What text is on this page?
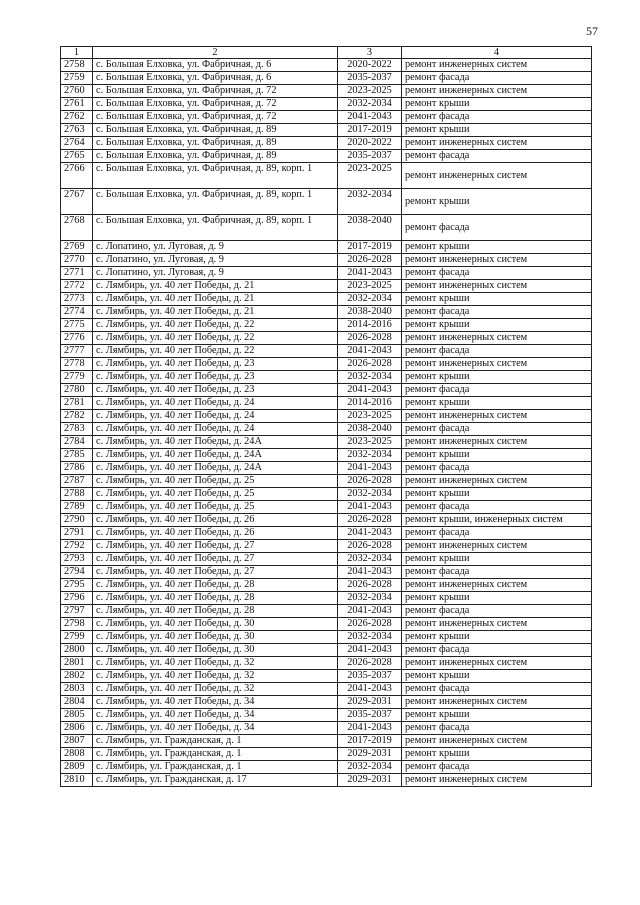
57
1	2	3	4
2758	с. Большая Елховка, ул. Фабричная, д. 6	2020-2022	ремонт инженерных систем
2759	с. Большая Елховка, ул. Фабричная, д. 6	2035-2037	ремонт фасада
2760	с. Большая Елховка, ул. Фабричная, д. 72	2023-2025	ремонт инженерных систем
2761	с. Большая Елховка, ул. Фабричная, д. 72	2032-2034	ремонт крыши
2762	с. Большая Елховка, ул. Фабричная, д. 72	2041-2043	ремонт фасада
2763	с. Большая Елховка, ул. Фабричная, д. 89	2017-2019	ремонт крыши
2764	с. Большая Елховка, ул. Фабричная, д. 89	2020-2022	ремонт инженерных систем
2765	с. Большая Елховка, ул. Фабричная, д. 89	2035-2037	ремонт фасада
2766	с. Большая Елховка, ул. Фабричная, д. 89, корп. 1	2023-2025	ремонт инженерных систем
2767	с. Большая Елховка, ул. Фабричная, д. 89, корп. 1	2032-2034	ремонт крыши
2768	с. Большая Елховка, ул. Фабричная, д. 89, корп. 1	2038-2040	ремонт фасада
2769	с. Лопатино, ул. Луговая, д. 9	2017-2019	ремонт крыши
2770	с. Лопатино, ул. Луговая, д. 9	2026-2028	ремонт инженерных систем
2771	с. Лопатино, ул. Луговая, д. 9	2041-2043	ремонт фасада
2772	с. Лямбирь, ул. 40 лет Победы, д. 21	2023-2025	ремонт инженерных систем
2773	с. Лямбирь, ул. 40 лет Победы, д. 21	2032-2034	ремонт крыши
2774	с. Лямбирь, ул. 40 лет Победы, д. 21	2038-2040	ремонт фасада
2775	с. Лямбирь, ул. 40 лет Победы, д. 22	2014-2016	ремонт крыши
2776	с. Лямбирь, ул. 40 лет Победы, д. 22	2026-2028	ремонт инженерных систем
2777	с. Лямбирь, ул. 40 лет Победы, д. 22	2041-2043	ремонт фасада
2778	с. Лямбирь, ул. 40 лет Победы, д. 23	2026-2028	ремонт инженерных систем
2779	с. Лямбирь, ул. 40 лет Победы, д. 23	2032-2034	ремонт крыши
2780	с. Лямбирь, ул. 40 лет Победы, д. 23	2041-2043	ремонт фасада
2781	с. Лямбирь, ул. 40 лет Победы, д. 24	2014-2016	ремонт крыши
2782	с. Лямбирь, ул. 40 лет Победы, д. 24	2023-2025	ремонт инженерных систем
2783	с. Лямбирь, ул. 40 лет Победы, д. 24	2038-2040	ремонт фасада
2784	с. Лямбирь, ул. 40 лет Победы, д. 24А	2023-2025	ремонт инженерных систем
2785	с. Лямбирь, ул. 40 лет Победы, д. 24А	2032-2034	ремонт крыши
2786	с. Лямбирь, ул. 40 лет Победы, д. 24А	2041-2043	ремонт фасада
2787	с. Лямбирь, ул. 40 лет Победы, д. 25	2026-2028	ремонт инженерных систем
2788	с. Лямбирь, ул. 40 лет Победы, д. 25	2032-2034	ремонт крыши
2789	с. Лямбирь, ул. 40 лет Победы, д. 25	2041-2043	ремонт фасада
2790	с. Лямбирь, ул. 40 лет Победы, д. 26	2026-2028	ремонт крыши, инженерных систем
2791	с. Лямбирь, ул. 40 лет Победы, д. 26	2041-2043	ремонт фасада
2792	с. Лямбирь, ул. 40 лет Победы, д. 27	2026-2028	ремонт инженерных систем
2793	с. Лямбирь, ул. 40 лет Победы, д. 27	2032-2034	ремонт крыши
2794	с. Лямбирь, ул. 40 лет Победы, д. 27	2041-2043	ремонт фасада
2795	с. Лямбирь, ул. 40 лет Победы, д. 28	2026-2028	ремонт инженерных систем
2796	с. Лямбирь, ул. 40 лет Победы, д. 28	2032-2034	ремонт крыши
2797	с. Лямбирь, ул. 40 лет Победы, д. 28	2041-2043	ремонт фасада
2798	с. Лямбирь, ул. 40 лет Победы, д. 30	2026-2028	ремонт инженерных систем
2799	с. Лямбирь, ул. 40 лет Победы, д. 30	2032-2034	ремонт крыши
2800	с. Лямбирь, ул. 40 лет Победы, д. 30	2041-2043	ремонт фасада
2801	с. Лямбирь, ул. 40 лет Победы, д. 32	2026-2028	ремонт инженерных систем
2802	с. Лямбирь, ул. 40 лет Победы, д. 32	2035-2037	ремонт крыши
2803	с. Лямбирь, ул. 40 лет Победы, д. 32	2041-2043	ремонт фасада
2804	с. Лямбирь, ул. 40 лет Победы, д. 34	2029-2031	ремонт инженерных систем
2805	с. Лямбирь, ул. 40 лет Победы, д. 34	2035-2037	ремонт крыши
2806	с. Лямбирь, ул. 40 лет Победы, д. 34	2041-2043	ремонт фасада
2807	с. Лямбирь, ул. Гражданская, д. 1	2017-2019	ремонт инженерных систем
2808	с. Лямбирь, ул. Гражданская, д. 1	2029-2031	ремонт крыши
2809	с. Лямбирь, ул. Гражданская, д. 1	2032-2034	ремонт фасада
2810	с. Лямбирь, ул. Гражданская, д. 17	2029-2031	ремонт инженерных систем
